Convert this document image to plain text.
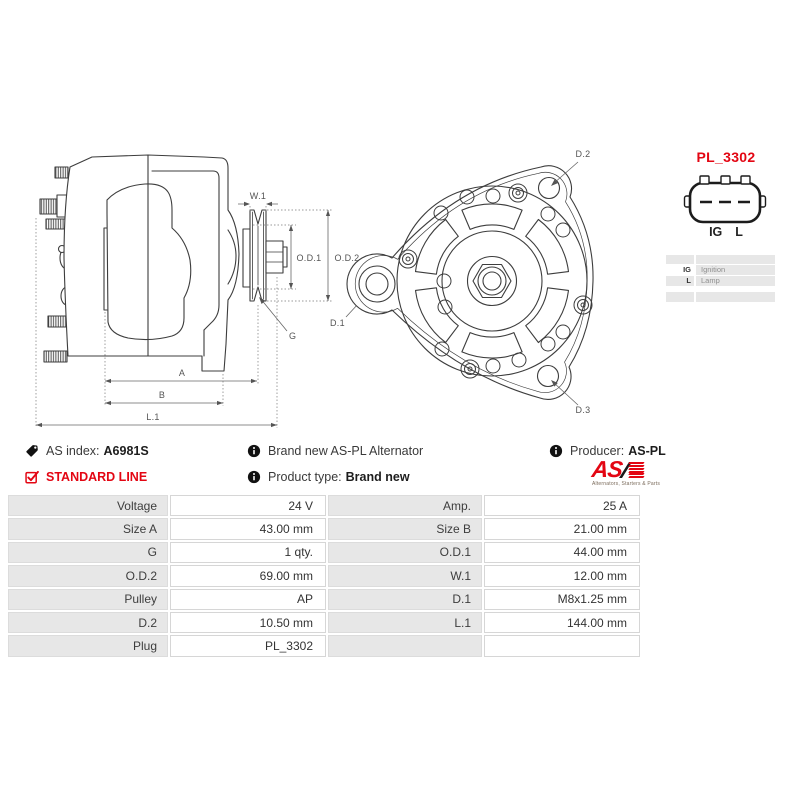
W.1
O.D.1 O.D.2
G
D.1
A
B
L.1
D.2
D.3
PL_3302
IG L
IG	Ignition
L	Lamp
AS index: A6981S
STANDARD LINE
Brand new AS-PL Alternator
Product type: Brand new
Producer: AS-PL
AS
Alternators, Starters & Parts
Voltage	24 V	Amp.	25 A
Size A	43.00 mm	Size B	21.00 mm
G	1 qty.	O.D.1	44.00 mm
O.D.2	69.00 mm	W.1	12.00 mm
Pulley	AP	D.1	M8x1.25 mm
D.2	10.50 mm	L.1	144.00 mm
Plug	PL_3302
